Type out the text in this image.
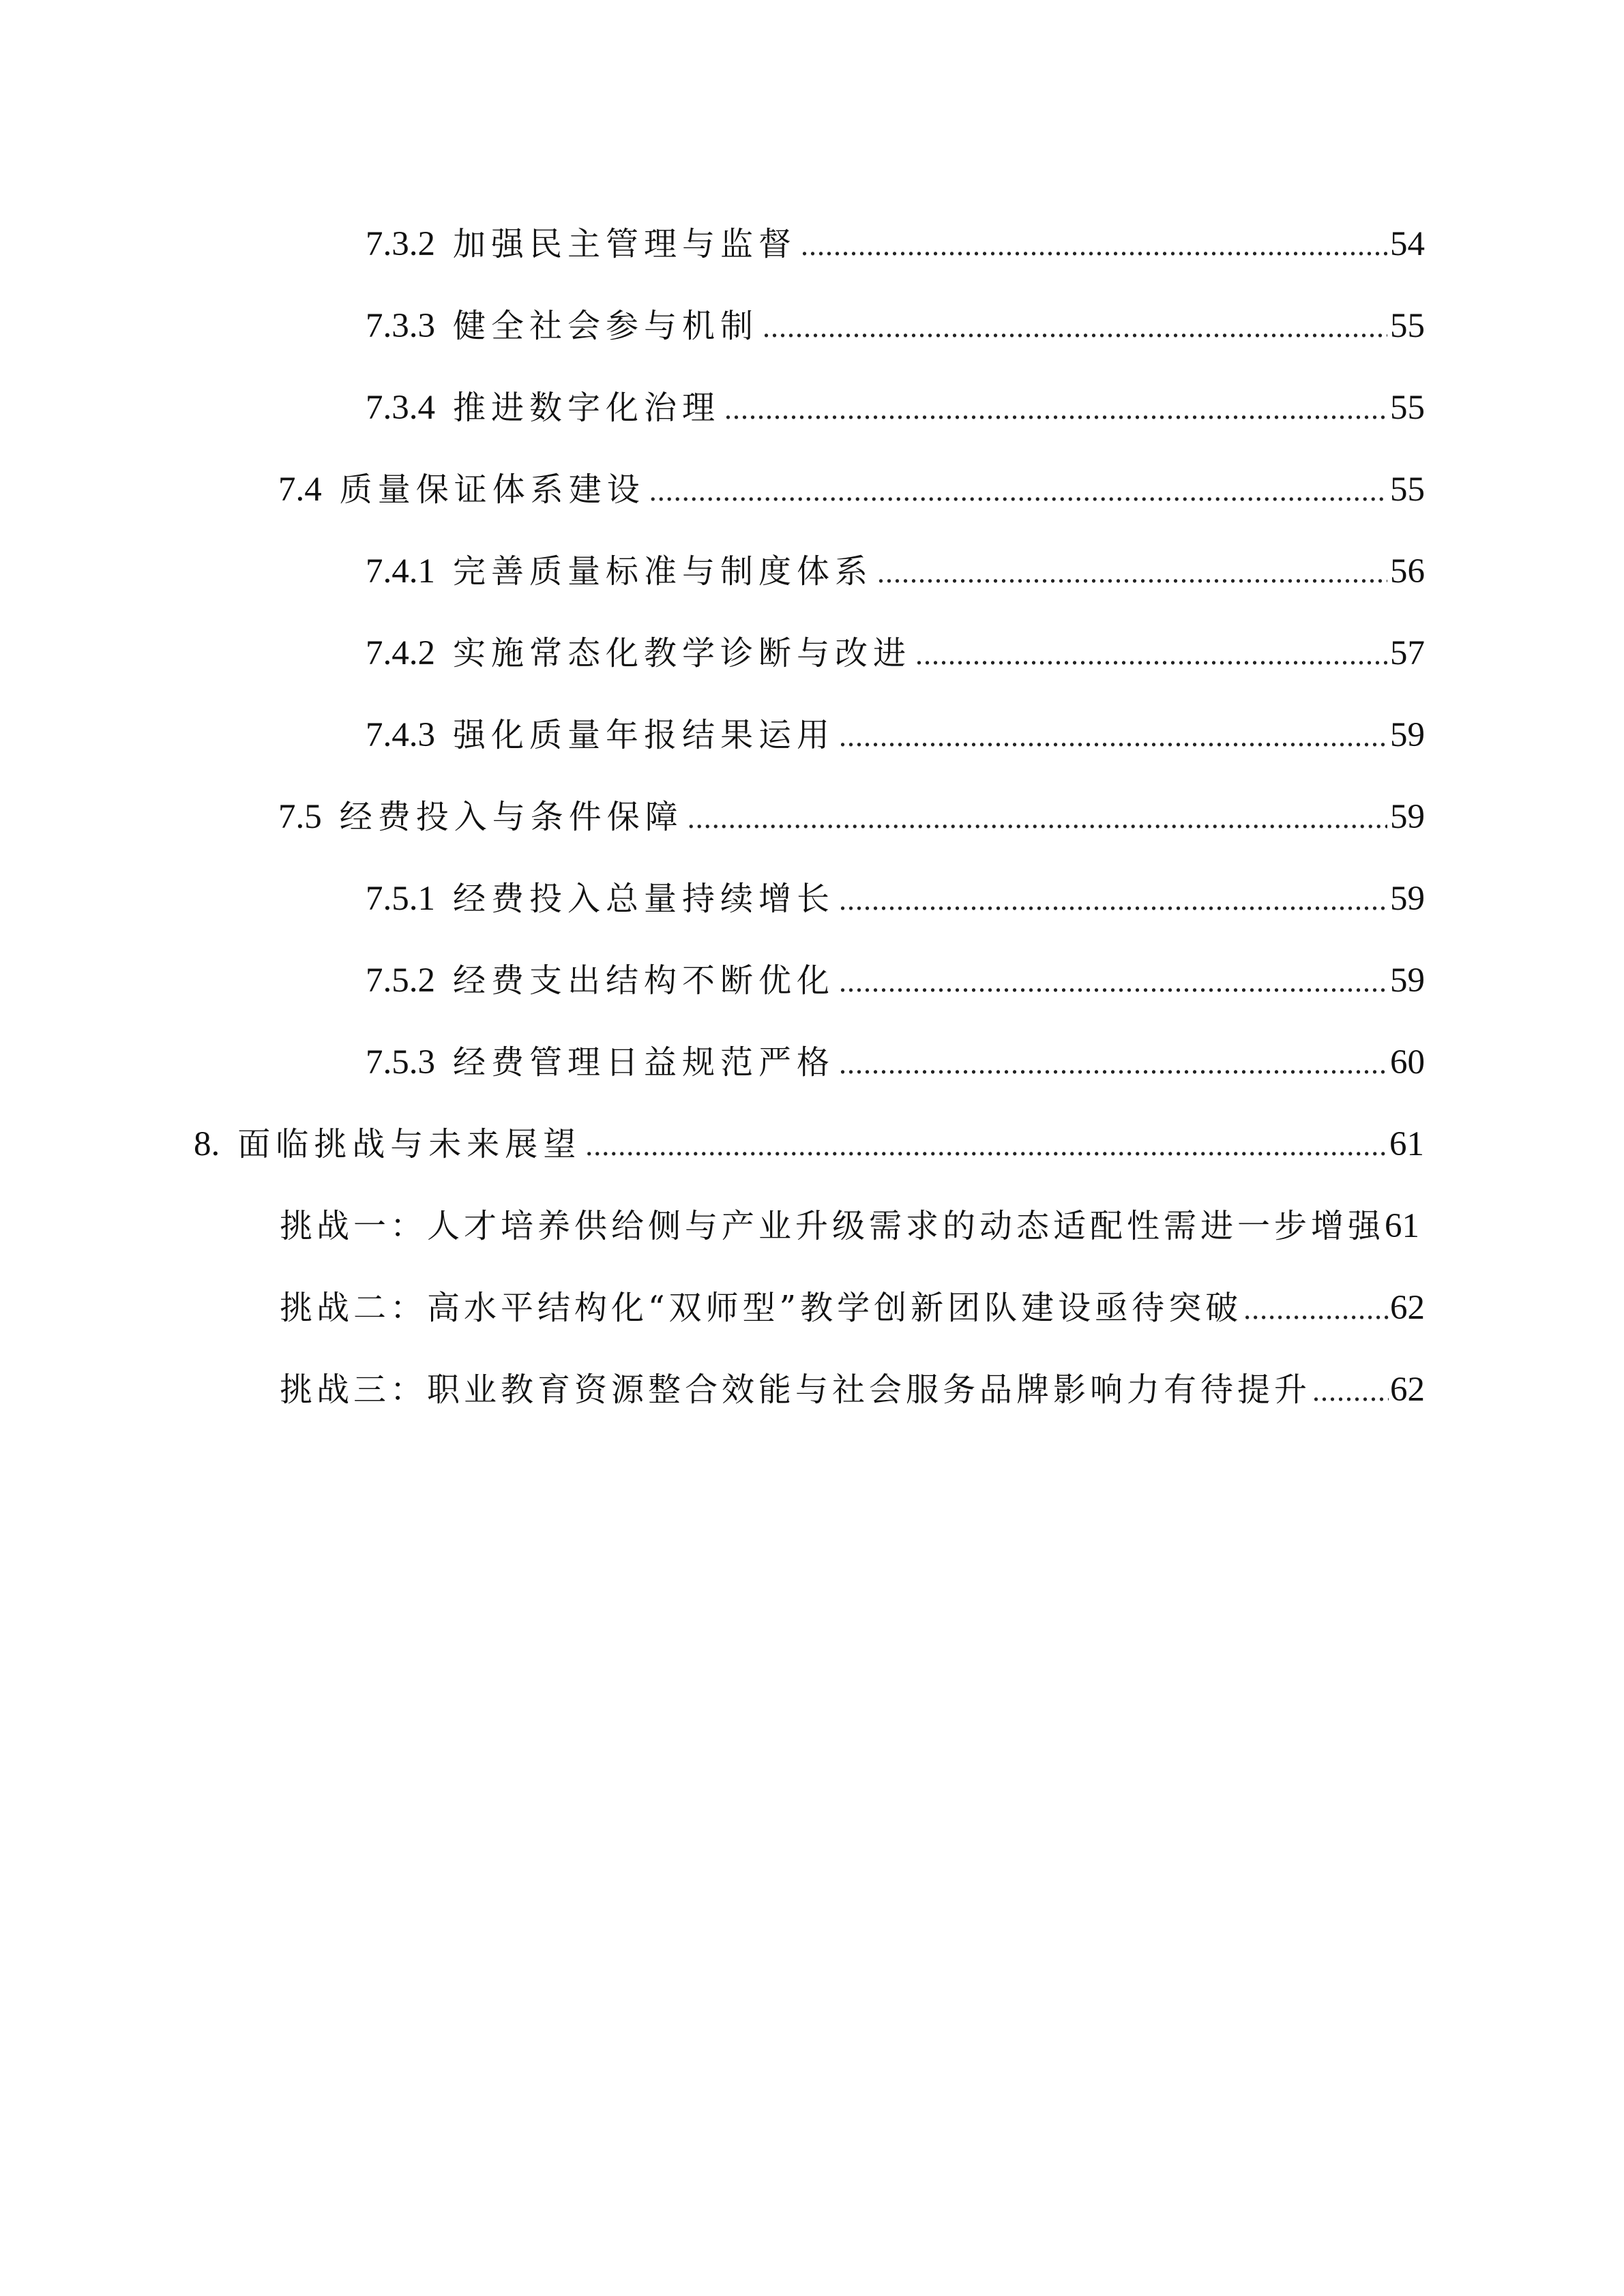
7.3.2 加强民主管理与监督 .....	54
7.3.3 健全社会参与机制 .....	55
7.3.4 推进数字化治理 .....	55
7.4 质量保证体系建设 .....	55
7.4.1 完善质量标准与制度体系 .....	56
7.4.2 实施常态化教学诊断与改进 .....	57
7.4.3 强化质量年报结果运用 .....	59
7.5 经费投入与条件保障 .....	59
7.5.1 经费投入总量持续增长 .....	59
7.5.2 经费支出结构不断优化 .....	59
7.5.3 经费管理日益规范严格 .....	60
8. 面临挑战与未来展望 .....	61
挑战一：人才培养供给侧与产业升级需求的动态适配性需进一步增强 61
挑战二：高水平结构化“双师型”教学创新团队建设亟待突破 .....	62
挑战三：职业教育资源整合效能与社会服务品牌影响力有待提升 ..... 62
